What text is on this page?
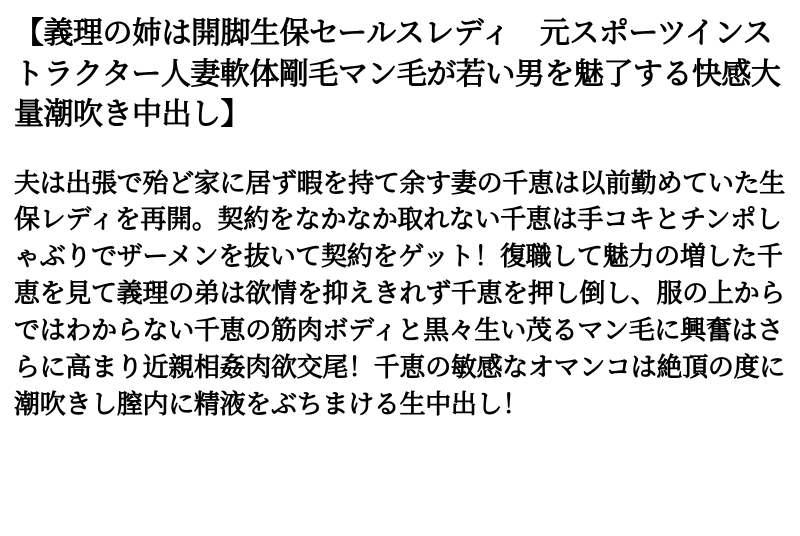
【義理の姉は開脚生保セールスレディ　元スポーツインストラクター人妻軟体剛毛マン毛が若い男を魅了する快感大量潮吹き中出し】

夫は出張で殆ど家に居ず暇を持て余す妻の千恵は以前勤めていた生保レディを再開。契約をなかなか取れない千恵は手コキとチンポしゃぶりでザーメンを抜いて契約をゲット！復職して魅力の増した千恵を見て義理の弟は欲情を抑えきれず千恵を押し倒し、服の上からではわからない千恵の筋肉ボディと黒々生い茂るマン毛に興奮はさらに高まり近親相姦肉欲交尾！千恵の敏感なオマンコは絶頂の度に潮吹きし膣内に精液をぶちまける生中出し！
